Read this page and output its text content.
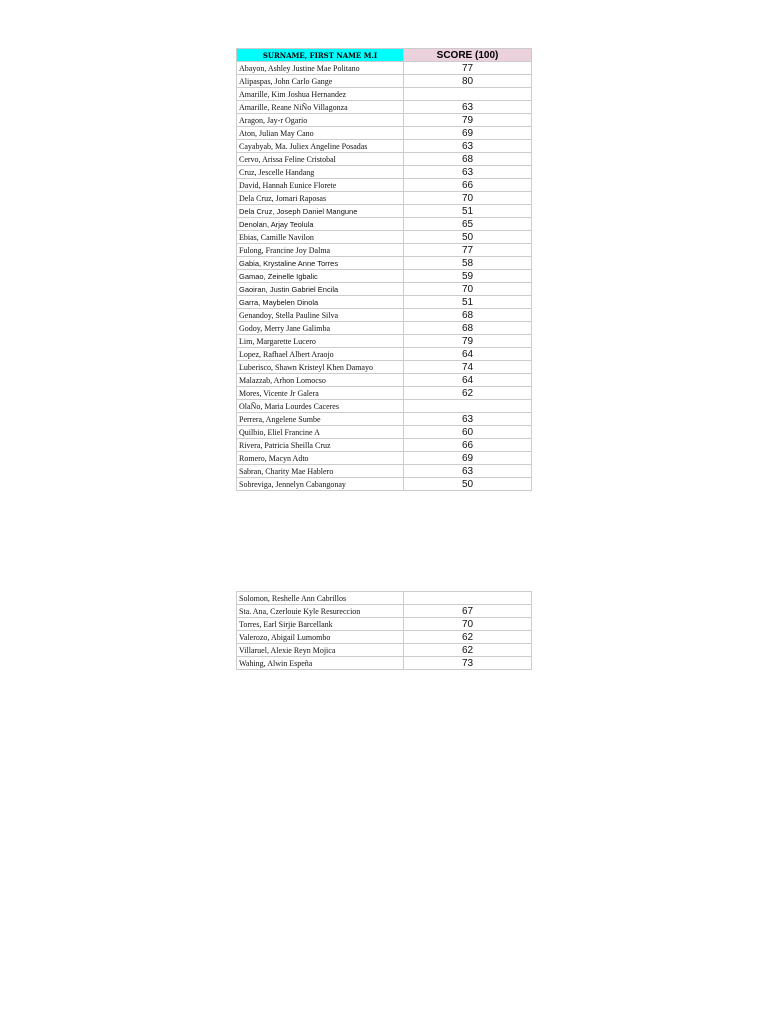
SURNAME, FIRST NAME M.I	SCORE (100)
Abayon, Ashley Justine Mae Politano	77
Alipaspas, John Carlo Gange	80
Amarille, Kim Joshua Hernandez	
Amarille, Reane NiÑo Villagonza	63
Aragon, Jay-r Ogario	79
Aton, Julian May Cano	69
Cayabyab, Ma. Juliex Angeline Posadas	63
Cervo, Arissa Feline Cristobal	68
Cruz, Jescelle Handang	63
David, Hannah Eunice Florete	66
Dela Cruz, Jomari Raposas	70
Dela Cruz, Joseph Daniel Mangune	51
Denolan, Arjay Teolula	65
Ebias, Camille Navilon	50
Fulong, Francine Joy Dalma	77
Gabia, Krystaline Anne Torres	58
Gamao, Zeinelle Igbalic	59
Gaoiran, Justin Gabriel Encila	70
Garra, Maybelen Dinola	51
Genandoy, Stella Pauline Silva	68
Godoy, Merry Jane Galimba	68
Lim, Margarette Lucero	79
Lopez, Rafhael Albert Araojo	64
Luberisco, Shawn Kristeyl Khen Damayo	74
Malazzab, Arhon Lomocso	64
Mores, Vicente Jr Galera	62
OlaÑo, Maria Lourdes Caceres	
Perrera, Angelene Sumbe	63
Quilbio, Eliel Francine A	60
Rivera, Patricia Sheilla Cruz	66
Romero, Macyn Adto	69
Sabran, Charity Mae Hablero	63
Sobreviga, Jennelyn Cabangonay	50
Solomon, Reshelle Ann Cabrillos	
Sta. Ana, Czerlouie Kyle Resureccion	67
Torres, Earl Sirjie Barcellank	70
Valerozo, Abigail Lumombo	62
Villaruel, Alexie Reyn Mojica	62
Wahing, Alwin Espeña	73
